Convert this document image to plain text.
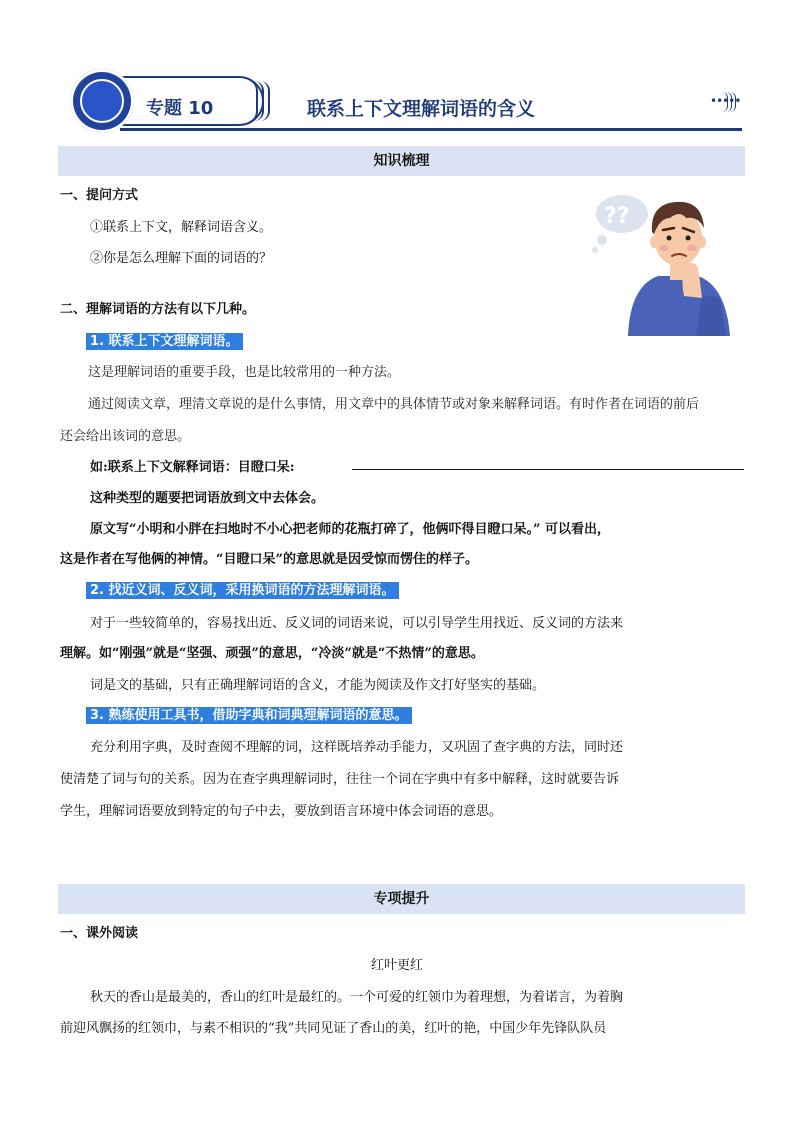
专题 10	联系上下文理解词语的含义	•••••
知识梳理
一、提问方式
①联系上下文，解释词语含义。
②你是怎么理解下面的词语的？
??
二、理解词语的方法有以下几种。
1. 联系上下文理解词语。
这是理解词语的重要手段，也是比较常用的一种方法。
通过阅读文章，理清文章说的是什么事情，用文章中的具体情节或对象来解释词语。有时作者在词语的前后
还会给出该词的意思。
如:联系上下文解释词语：目瞪口呆:
这种类型的题要把词语放到文中去体会。
原文写“小明和小胖在扫地时不小心把老师的花瓶打碎了，他俩吓得目瞪口呆。” 可以看出，
这是作者在写他俩的神情。“目瞪口呆”的意思就是因受惊而愣住的样子。
2. 找近义词、反义词，采用换词语的方法理解词语。
对于一些较简单的，容易找出近、反义词的词语来说，可以引导学生用找近、反义词的方法来
理解。如“刚强”就是“坚强、顽强”的意思，“冷淡”就是“不热情”的意思。
词是文的基础，只有正确理解词语的含义，才能为阅读及作文打好坚实的基础。
3. 熟练使用工具书，借助字典和词典理解词语的意思。
充分利用字典，及时查阅不理解的词，这样既培养动手能力，又巩固了查字典的方法，同时还
使清楚了词与句的关系。因为在查字典理解词时，往往一个词在字典中有多中解释，这时就要告诉
学生，理解词语要放到特定的句子中去，要放到语言环境中体会词语的意思。
专项提升
一、课外阅读
红叶更红
秋天的香山是最美的，香山的红叶是最红的。一个可爱的红领巾为着理想，为着诺言，为着胸
前迎风飘扬的红领巾，与素不相识的“我”共同见证了香山的美，红叶的艳，中国少年先锋队队员
